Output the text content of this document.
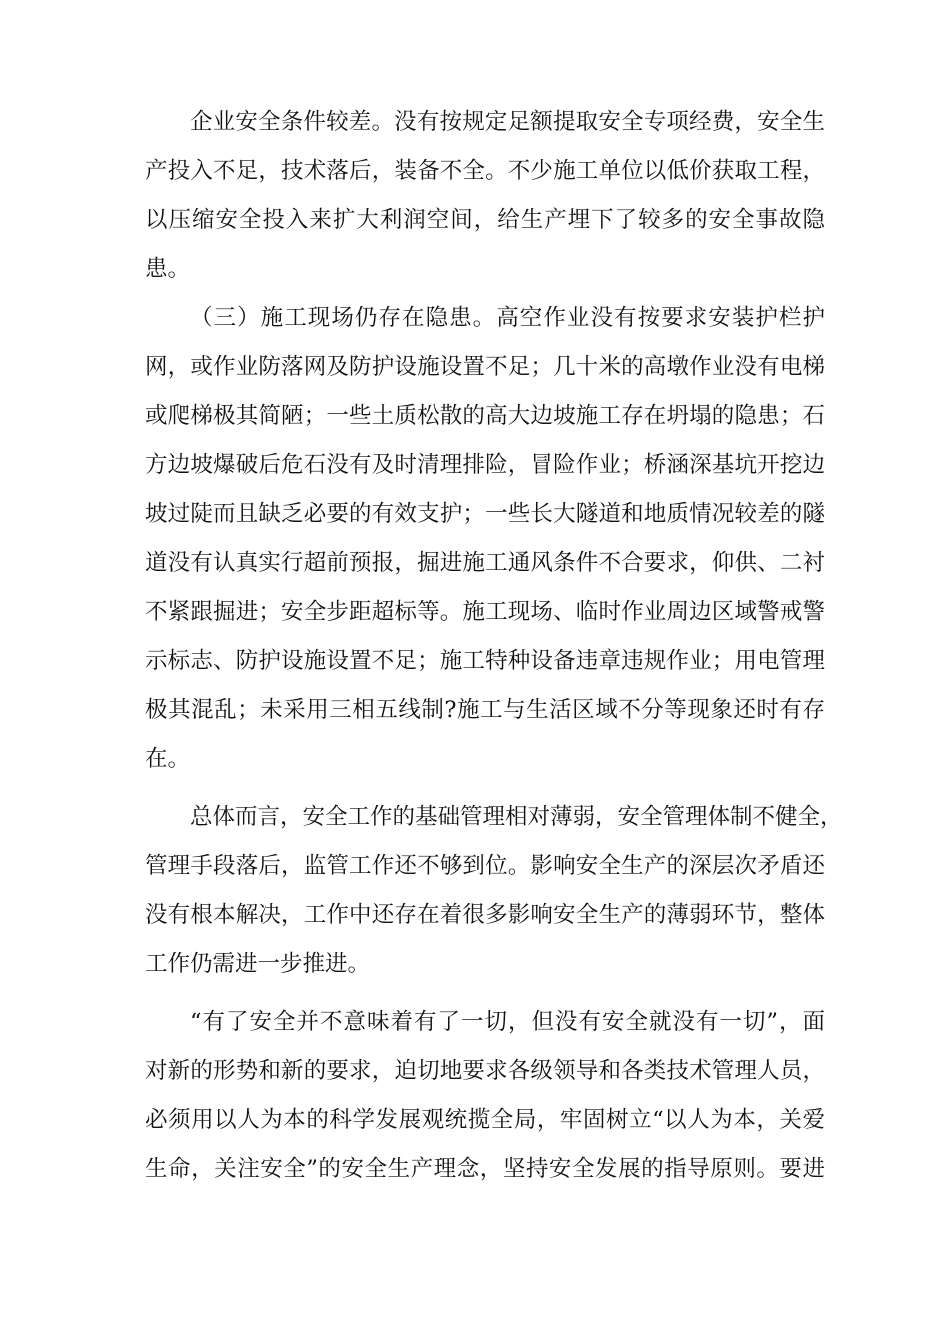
企业安全条件较差。没有按规定足额提取安全专项经费，安全生
产投入不足，技术落后，装备不全。不少施工单位以低价获取工程，
以压缩安全投入来扩大利润空间，给生产埋下了较多的安全事故隐
患。
（三）施工现场仍存在隐患。高空作业没有按要求安装护栏护
网，或作业防落网及防护设施设置不足；几十米的高墩作业没有电梯
或爬梯极其简陋；一些土质松散的高大边坡施工存在坍塌的隐患；石
方边坡爆破后危石没有及时清理排险，冒险作业；桥涵深基坑开挖边
坡过陡而且缺乏必要的有效支护；一些长大隧道和地质情况较差的隧
道没有认真实行超前预报，掘进施工通风条件不合要求，仰供、二衬
不紧跟掘进；安全步距超标等。施工现场、临时作业周边区域警戒警
示标志、防护设施设置不足；施工特种设备违章违规作业；用电管理
极其混乱；未采用三相五线制?施工与生活区域不分等现象还时有存
在。
总体而言，安全工作的基础管理相对薄弱，安全管理体制不健全，
管理手段落后，监管工作还不够到位。影响安全生产的深层次矛盾还
没有根本解决，工作中还存在着很多影响安全生产的薄弱环节，整体
工作仍需进一步推进。
“有了安全并不意味着有了一切，但没有安全就没有一切”，面
对新的形势和新的要求，迫切地要求各级领导和各类技术管理人员，
必须用以人为本的科学发展观统揽全局，牢固树立“以人为本，关爱
生命，关注安全”的安全生产理念，坚持安全发展的指导原则。要进
